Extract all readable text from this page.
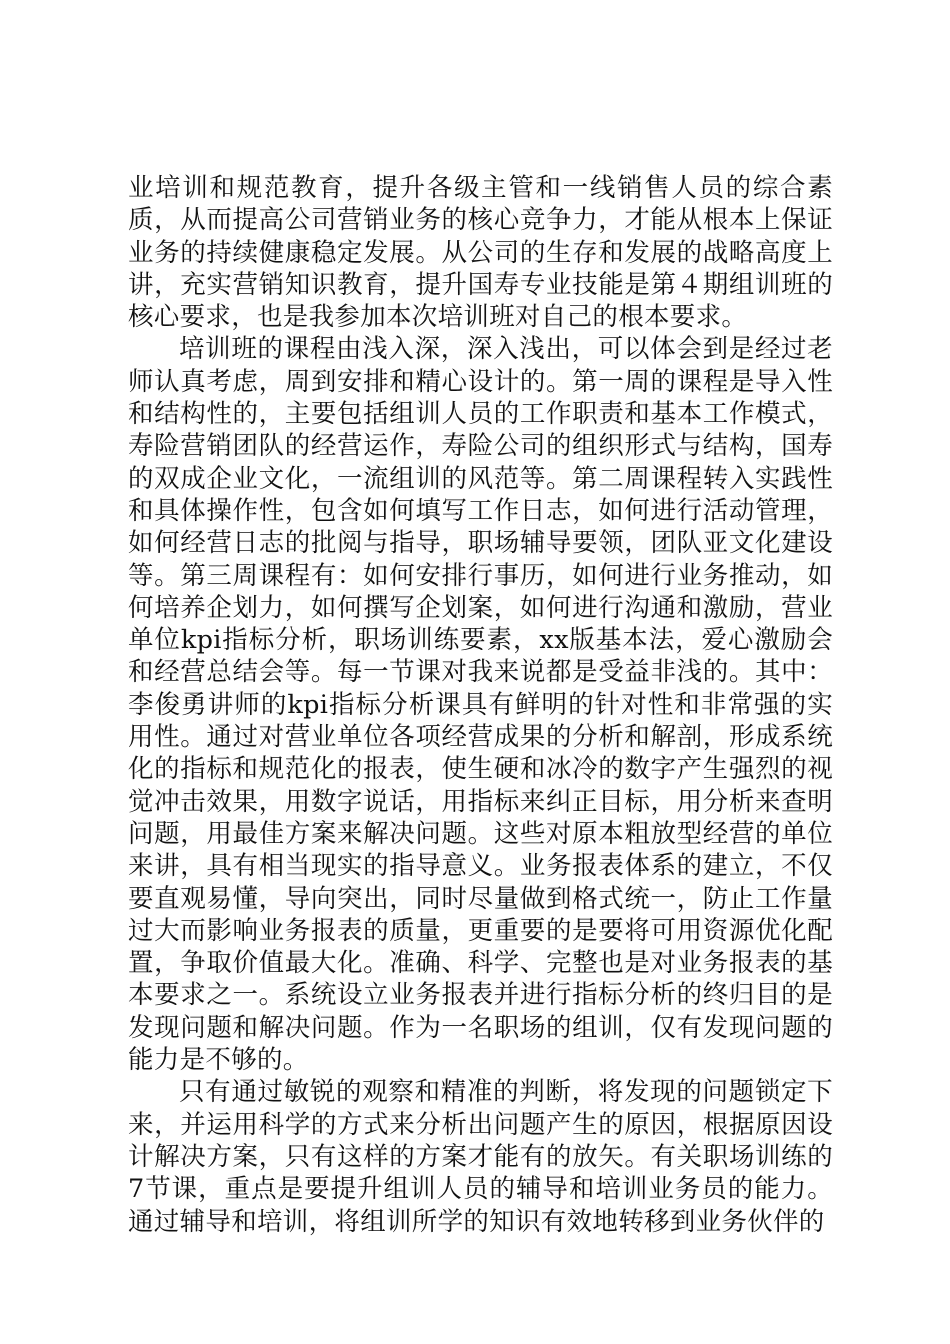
业培训和规范教育，提升各级主管和一线销售人员的综合素质，从而提高公司营销业务的核心竞争力，才能从根本上保证业务的持续健康稳定发展。从公司的生存和发展的战略高度上讲，充实营销知识教育，提升国寿专业技能是第４期组训班的核心要求，也是我参加本次培训班对自己的根本要求。

培训班的课程由浅入深，深入浅出，可以体会到是经过老师认真考虑，周到安排和精心设计的。第一周的课程是导入性和结构性的，主要包括组训人员的工作职责和基本工作模式，寿险营销团队的经营运作，寿险公司的组织形式与结构，国寿的双成企业文化，一流组训的风范等。第二周课程转入实践性和具体操作性，包含如何填写工作日志，如何进行活动管理，如何经营日志的批阅与指导，职场辅导要领，团队亚文化建设等。第三周课程有：如何安排行事历，如何进行业务推动，如何培养企划力，如何撰写企划案，如何进行沟通和激励，营业单位kpi指标分析，职场训练要素，xx版基本法，爱心激励会和经营总结会等。每一节课对我来说都是受益非浅的。其中：李俊勇讲师的kpi指标分析课具有鲜明的针对性和非常强的实用性。通过对营业单位各项经营成果的分析和解剖，形成系统化的指标和规范化的报表，使生硬和冰冷的数字产生强烈的视觉冲击效果，用数字说话，用指标来纠正目标，用分析来查明问题，用最佳方案来解决问题。这些对原本粗放型经营的单位来讲，具有相当现实的指导意义。业务报表体系的建立，不仅要直观易懂，导向突出，同时尽量做到格式统一，防止工作量过大而影响业务报表的质量，更重要的是要将可用资源优化配置，争取价值最大化。准确、科学、完整也是对业务报表的基本要求之一。系统设立业务报表并进行指标分析的终归目的是发现问题和解决问题。作为一名职场的组训，仅有发现问题的能力是不够的。

只有通过敏锐的观察和精准的判断，将发现的问题锁定下来，并运用科学的方式来分析出问题产生的原因，根据原因设计解决方案，只有这样的方案才能有的放矢。有关职场训练的7节课，重点是要提升组训人员的辅导和培训业务员的能力。通过辅导和培训，将组训所学的知识有效地转移到业务伙伴的
